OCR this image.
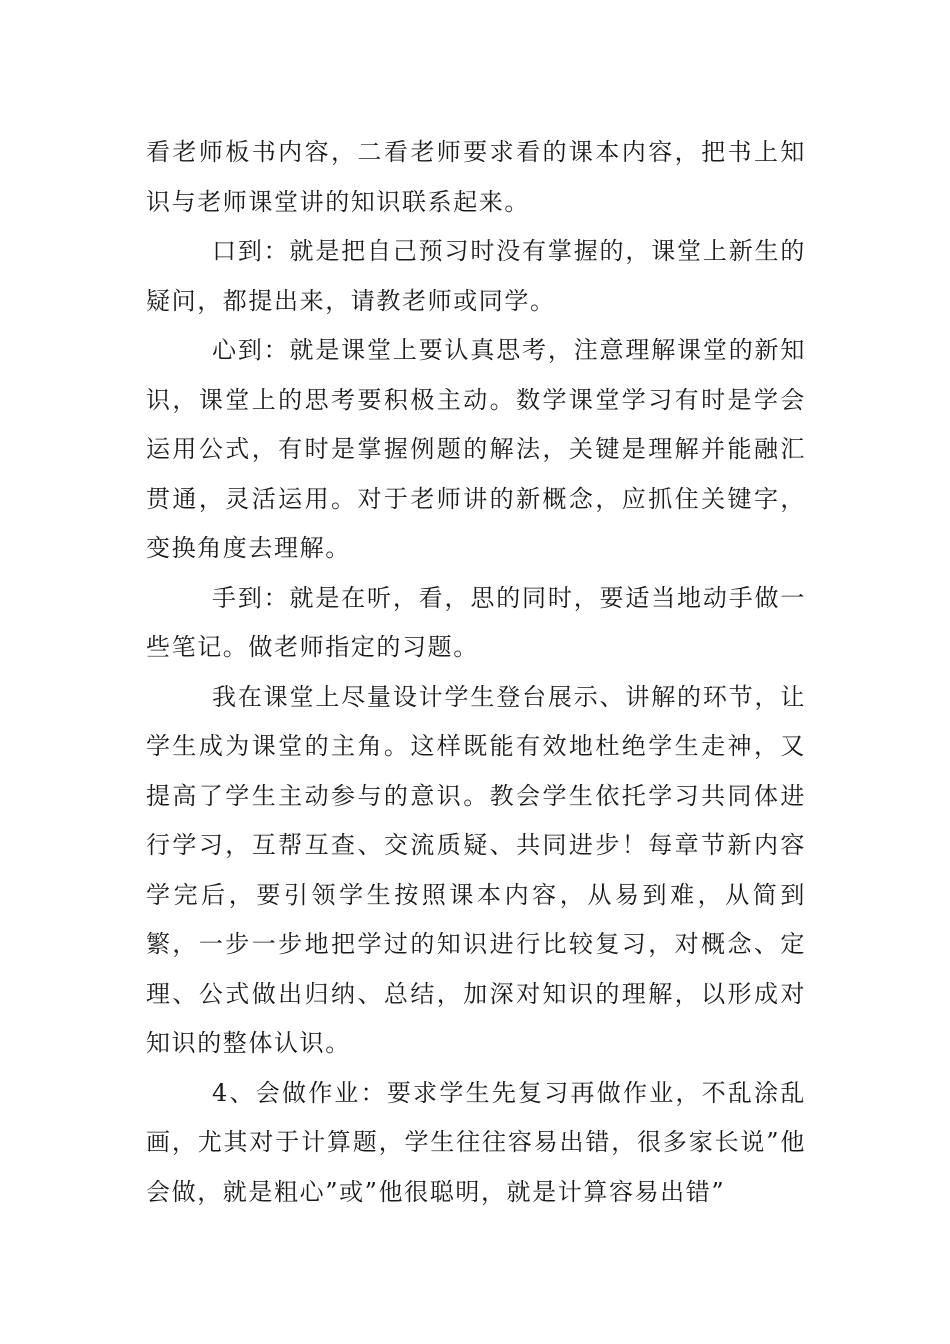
看老师板书内容，二看老师要求看的课本内容，把书上知识与老师课堂讲的知识联系起来。

口到：就是把自己预习时没有掌握的，课堂上新生的疑问，都提出来，请教老师或同学。

心到：就是课堂上要认真思考，注意理解课堂的新知识，课堂上的思考要积极主动。数学课堂学习有时是学会运用公式，有时是掌握例题的解法，关键是理解并能融汇贯通，灵活运用。对于老师讲的新概念，应抓住关键字，变换角度去理解。

手到：就是在听，看，思的同时，要适当地动手做一些笔记。做老师指定的习题。

我在课堂上尽量设计学生登台展示、讲解的环节，让学生成为课堂的主角。这样既能有效地杜绝学生走神，又提高了学生主动参与的意识。教会学生依托学习共同体进行学习，互帮互查、交流质疑、共同进步！每章节新内容学完后，要引领学生按照课本内容，从易到难，从简到繁，一步一步地把学过的知识进行比较复习，对概念、定理、公式做出归纳、总结，加深对知识的理解，以形成对知识的整体认识。

4、会做作业：要求学生先复习再做作业，不乱涂乱画，尤其对于计算题，学生往往容易出错，很多家长说”他会做，就是粗心”或”他很聪明，就是计算容易出错”
